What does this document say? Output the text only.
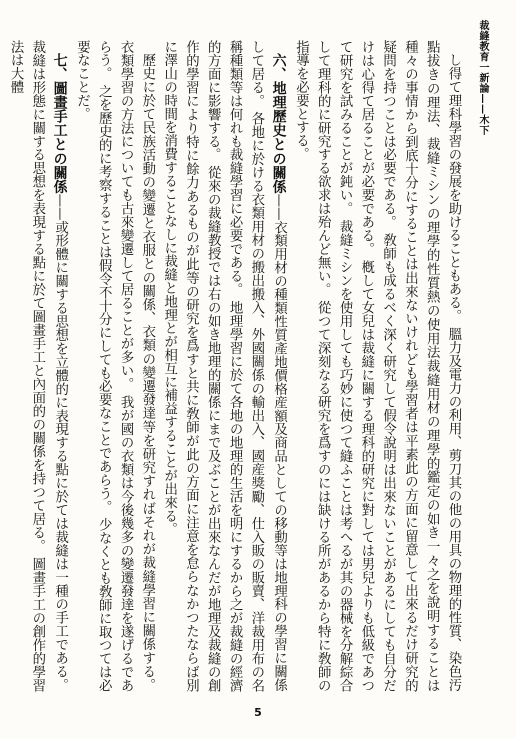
裁縫教育一新論——木下

し得て理科學習の發展を助けることもある。 膃力及電力の利用、剪刀其の他の用具の物理的性質、染色汚點拔きの理法、裁縫ミシンの理學的性質熱の使用法裁縫用材の理學的鑑定の如き一々之を說明することは種々の事情から到底十分にすることは出來ないけれども學習者は平素此の方面に留意して出來るだけ研究的疑問を持つことは必要である。 敎師も成るべく深く研究して假令說明は出來ないことがあるにしても自分だけは心得て居ることが必要である。 槪して女兒は裁縫に關する理科的研究に對しては男兒よりも低級であつて研究を試みることが鈍い。 裁縫ミシンを使用しても巧妙に使つて縫ふことは考へるが其の器械を分解綜合して理科的に研究する欲求は殆んど無い。 從つて深刻なる硏究を爲すのには缺ける所があるから特に敎師の指導を必要とする。

六、地理歷史との關係——衣類用材の種類性質產地價格産額及商品としての移動等は地理科の學習に關係して居る。 各地に於ける衣類用材の搬出搬入、外國關係の輸出入、國産獎勵、仕入販の販賣、洋裁用布の名稱種類等は何れも裁縫學習に必要である。 地理學習に於て各地の地理的生活を明にするから之が裁縫の經濟的方面に影響する。 從來の裁縫教授では右の如き地理的關係にまで及ぶことが出來なんだが地理及裁縫の創作的學習により特に餘力あるものが此等の研究を爲すと共に敎師が此の方面に注意を怠らなかつたならば別に澤山の時間を消費することなしに裁縫と地理とが相互に補益することが出來る。

歷史に於て民族活動の變遷と衣服との關係、衣類の變遷發達等を研究すればそれが裁縫學習に關係する。 衣類學習の方法についても古來變遷して居ることが多い。 我が國の衣類は今後幾多の變遷發達を遂げるであらう。 之を歷史的に考察することは假令不十分にしても必要なことであらう。 少なくとも敎師に取つては必要なことだ。

七、圖畫手工との關係——或形體に關する思想を立體的に表現する點に於ては裁縫は一種の手工である。 裁縫は形態に關する思想を表現する點に於て圖畫手工と內面的の關係を持つて居る。 圖畫手工の創作的學習法は大體

5
